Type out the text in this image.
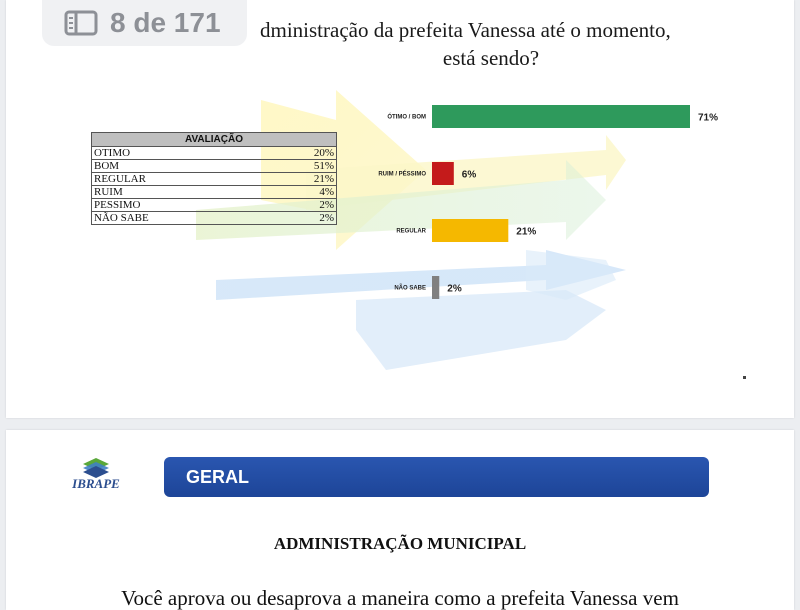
dministração da prefeita Vanessa até o momento,
está sendo?
AVALIAÇÃO	
OTIMO	20%
BOM	51%
REGULAR	21%
RUIM	4%
PESSIMO	2%
NÃO SABE	2%
ÓTIMO / BOM	71%
RUIM / PÉSSIMO	6%
REGULAR	21%
NÃO SABE 2%
8 de 171
IBRAPE	GERAL
ADMINISTRAÇÃO MUNICIPAL
Você aprova ou desaprova a maneira como a prefeita Vanessa vem
